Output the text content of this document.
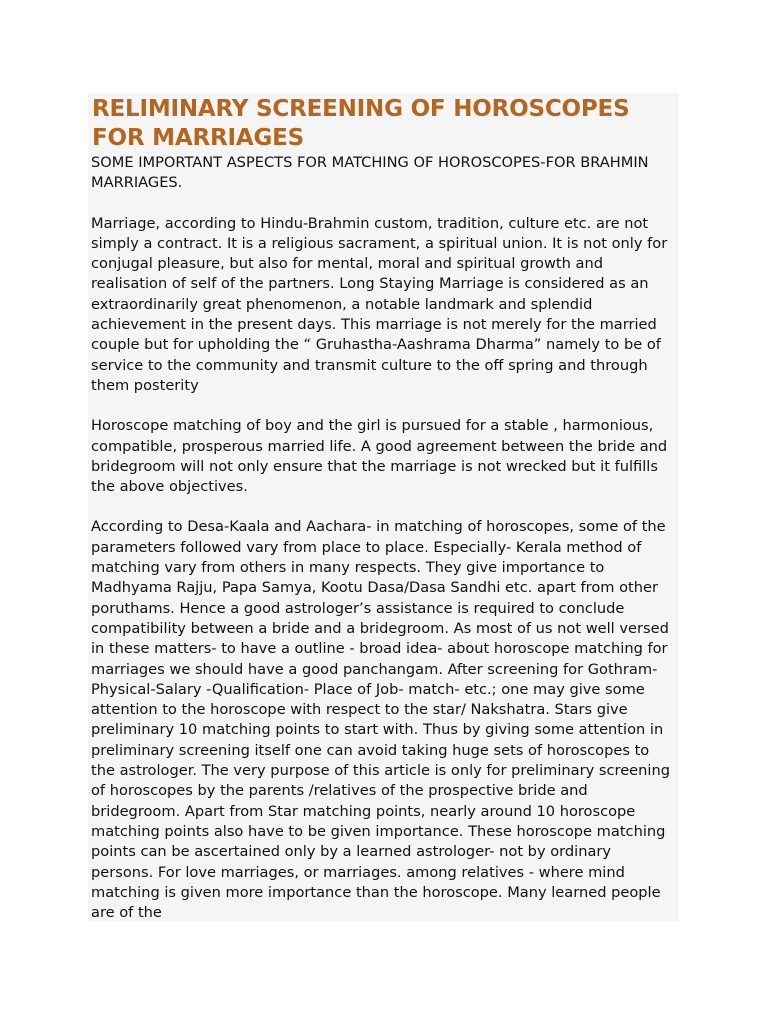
RELIMINARY SCREENING OF HOROSCOPES FOR MARRIAGES

SOME IMPORTANT ASPECTS FOR MATCHING OF HOROSCOPES-FOR BRAHMIN MARRIAGES.

Marriage, according to Hindu-Brahmin custom, tradition, culture etc. are not simply a contract. It is a religious sacrament, a spiritual union. It is not only for conjugal pleasure, but also for mental, moral and spiritual growth and realisation of self of the partners. Long Staying Marriage is considered as an extraordinarily great phenomenon, a notable landmark and splendid achievement in the present days. This marriage is not merely for the married couple but for upholding the “ Gruhastha-Aashrama Dharma” namely to be of service to the community and transmit culture to the off spring and through them posterity

Horoscope matching of boy and the girl is pursued for a stable , harmonious, compatible, prosperous married life. A good agreement between the bride and bridegroom will not only ensure that the marriage is not wrecked but it fulfills the above objectives.

According to Desa-Kaala and Aachara- in matching of horoscopes, some of the parameters followed vary from place to place. Especially- Kerala method of matching vary from others in many respects. They give importance to Madhyama Rajju, Papa Samya, Kootu Dasa/Dasa Sandhi etc. apart from other poruthams. Hence a good astrologer’s assistance is required to conclude compatibility between a bride and a bridegroom. As most of us not well versed in these matters- to have a outline - broad idea- about horoscope matching for marriages we should have a good panchangam. After screening for Gothram- Physical-Salary -Qualification- Place of Job- match- etc.; one may give some attention to the horoscope with respect to the star/ Nakshatra. Stars give preliminary 10 matching points to start with. Thus by giving some attention in preliminary screening itself one can avoid taking huge sets of horoscopes to the astrologer. The very purpose of this article is only for preliminary screening of horoscopes by the parents /relatives of the prospective bride and bridegroom. Apart from Star matching points, nearly around 10 horoscope matching points also have to be given importance. These horoscope matching points can be ascertained only by a learned astrologer- not by ordinary persons. For love marriages, or marriages. among relatives - where mind matching is given more importance than the horoscope. Many learned people are of the
